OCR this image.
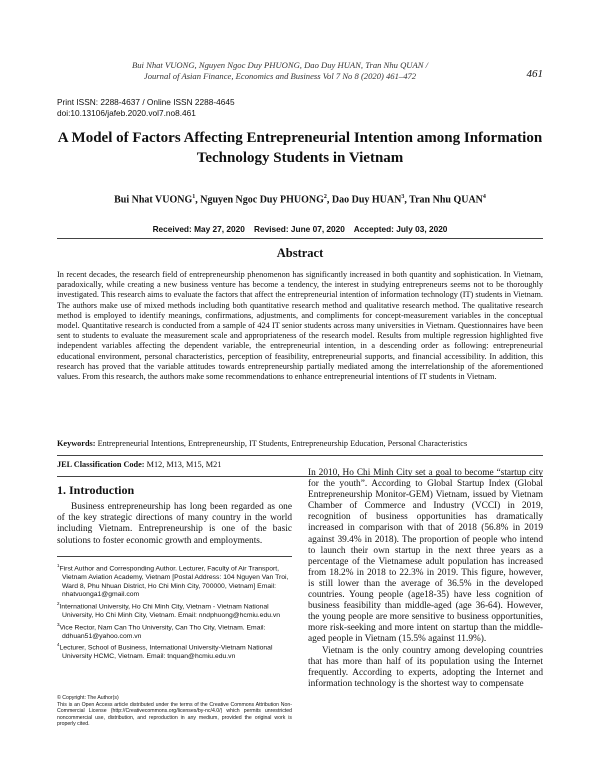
Bui Nhat VUONG, Nguyen Ngoc Duy PHUONG, Dao Duy HUAN, Tran Nhu QUAN /
Journal of Asian Finance, Economics and Business Vol 7 No 8 (2020) 461–472	461
Print ISSN: 2288-4637 / Online ISSN 2288-4645
doi:10.13106/jafeb.2020.vol7.no8.461
A Model of Factors Affecting Entrepreneurial Intention among Information
Technology Students in Vietnam
Bui Nhat VUONG$^1$, Nguyen Ngoc Duy PHUONG$^2$, Dao Duy HUAN$^3$, Tran Nhu QUAN$^4$
Received: May 27, 2020    Revised: June 07, 2020    Accepted: July 03, 2020
Abstract
In recent decades, the research field of entrepreneurship phenomenon has significantly increased in both quantity and sophistication. In Vietnam, paradoxically, while creating a new business venture has become a tendency, the interest in studying entrepreneurs seems not to be thoroughly investigated. This research aims to evaluate the factors that affect the entrepreneurial intention of information technology (IT) students in Vietnam. The authors make use of mixed methods including both quantitative research method and qualitative research method. The qualitative research method is employed to identify meanings, confirmations, adjustments, and compliments for concept-measurement variables in the conceptual model. Quantitative research is conducted from a sample of 424 IT senior students across many universities in Vietnam. Questionnaires have been sent to students to evaluate the measurement scale and appropriateness of the research model. Results from multiple regression highlighted five independent variables affecting the dependent variable, the entrepreneurial intention, in a descending order as following: entrepreneurial educational environment, personal characteristics, perception of feasibility, entrepreneurial supports, and financial accessibility. In addition, this research has proved that the variable attitudes towards entrepreneurship partially mediated among the interrelationship of the aforementioned values. From this research, the authors make some recommendations to enhance entrepreneurial intentions of IT students in Vietnam.
Keywords: Entrepreneurial Intentions, Entrepreneurship, IT Students, Entrepreneurship Education, Personal Characteristics
JEL Classification Code: M12, M13, M15, M21
1. Introduction

Business entrepreneurship has long been regarded as one of the key strategic directions of many country in the world including Vietnam. Entrepreneurship is one of the basic solutions to foster economic growth and employments.

$^1$First Author and Corresponding Author. Lecturer, Faculty of Air Transport, Vietnam Aviation Academy, Vietnam [Postal Address: 104 Nguyen Van Troi, Ward 8, Phu Nhuan District, Ho Chi Minh City, 700000, Vietnam] Email: nhatvuonga1@gmail.com
$^2$International University, Ho Chi Minh City, Vietnam - Vietnam National University, Ho Chi Minh City, Vietnam. Email: nndphuong@hcmiu.edu.vn
$^3$Vice Rector, Nam Can Tho University, Can Tho City, Vietnam. Email: ddhuan51@yahoo.com.vn
$^4$Lecturer, School of Business, International University-Vietnam National University HCMC, Vietnam. Email: tnquan@hcmiu.edu.vn
© Copyright: The Author(s)
This is an Open Access article distributed under the terms of the Creative Commons Attribution Non-Commercial License (http://Creativecommons.org/licenses/by-nc/4.0/) which permits unrestricted noncommercial use, distribution, and reproduction in any medium, provided the original work is properly cited.

In 2010, Ho Chi Minh City set a goal to become “startup city for the youth”. According to Global Startup Index (Global Entrepreneurship Monitor-GEM) Vietnam, issued by Vietnam Chamber of Commerce and Industry (VCCI) in 2019, recognition of business opportunities has dramatically increased in comparison with that of 2018 (56.8% in 2019 against 39.4% in 2018). The proportion of people who intend to launch their own startup in the next three years as a percentage of the Vietnamese adult population has increased from 18.2% in 2018 to 22.3% in 2019. This figure, however, is still lower than the average of 36.5% in the developed countries. Young people (age18-35) have less cognition of business feasibility than middle-aged (age 36-64). However, the young people are more sensitive to business opportunities, more risk-seeking and more intent on startup than the middle-aged people in Vietnam (15.5% against 11.9%).

Vietnam is the only country among developing countries that has more than half of its population using the Internet frequently. According to experts, adopting the Internet and information technology is the shortest way to compensate
